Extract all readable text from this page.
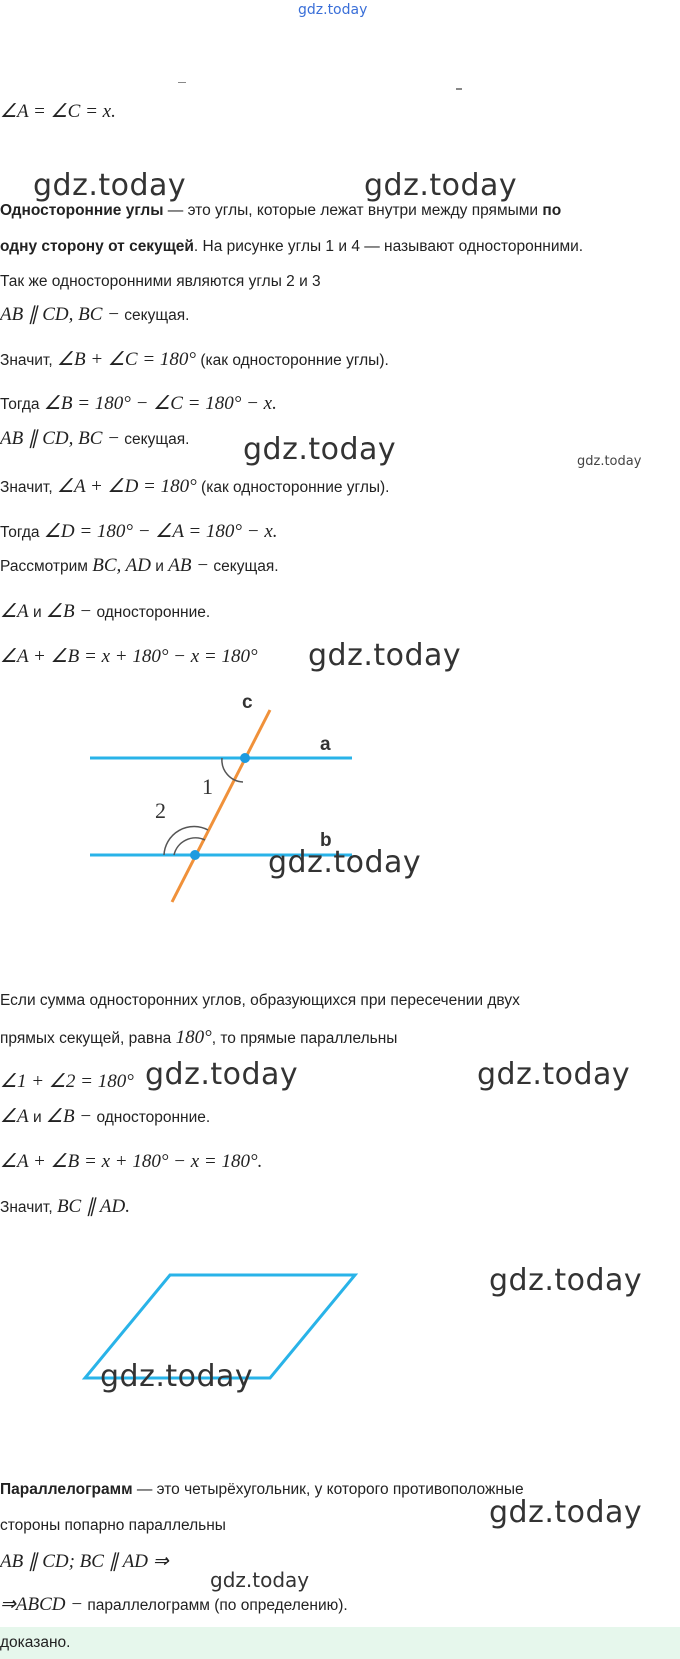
gdz.today
∠A = ∠C = x.
gdz.today	gdz.today
Односторонние углы — это углы, которые лежат внутри между прямыми по
одну сторону от секущей. На рисунке углы 1 и 4 — называют односторонними.
Так же односторонними являются углы 2 и 3
AB ∥ CD, BC − секущая.
Значит, ∠B + ∠C = 180° (как односторонние углы).
Тогда ∠B = 180° − ∠C = 180° − x.
AB ∥ CD, BC − секущая. gdz.today	gdz.today
Значит, ∠A + ∠D = 180° (как односторонние углы).
Тогда ∠D = 180° − ∠A = 180° − x.
Рассмотрим BC, AD и AB − секущая.
∠A и ∠B − односторонние.
∠A + ∠B = x + 180° − x = 180° gdz.today
a
b
c
1
2
gdz.today
Если сумма односторонних углов, образующихся при пересечении двух
прямых секущей, равна 180°, то прямые параллельны
∠1 + ∠2 = 180° gdz.today	gdz.today
∠A и ∠B − односторонние.
∠A + ∠B = x + 180° − x = 180°.
Значит, BC ∥ AD.
gdz.today
gdz.today
Параллелограмм — это четырёхугольник, у которого противоположные
стороны попарно параллельны	gdz.today
AB ∥ CD; BC ∥ AD ⇒
gdz.today
⇒ABCD − параллелограмм (по определению).
доказано.
